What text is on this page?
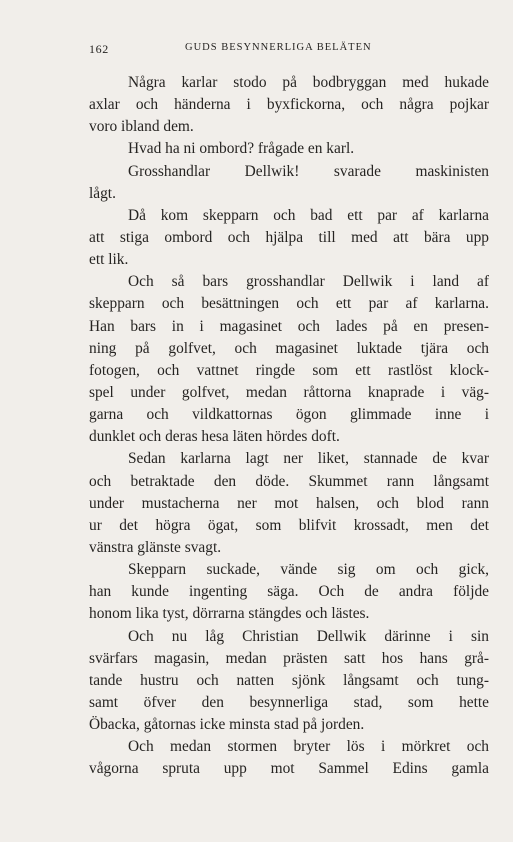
162	GUDS BESYNNERLIGA BELÄTEN
Några karlar stodo på bodbryggan med hukade
axlar och händerna i byxfickorna, och några pojkar
voro ibland dem.
Hvad ha ni ombord? frågade en karl.
Grosshandlar Dellwik! svarade maskinisten
lågt.
Då kom skepparn och bad ett par af karlarna
att stiga ombord och hjälpa till med att bära upp
ett lik.
Och så bars grosshandlar Dellwik i land af
skepparn och besättningen och ett par af karlarna.
Han bars in i magasinet och lades på en presen-
ning på golfvet, och magasinet luktade tjära och
fotogen, och vattnet ringde som ett rastlöst klock-
spel under golfvet, medan råttorna knaprade i väg-
garna och vildkattornas ögon glimmade inne i
dunklet och deras hesa läten hördes doft.
Sedan karlarna lagt ner liket, stannade de kvar
och betraktade den döde. Skummet rann långsamt
under mustacherna ner mot halsen, och blod rann
ur det högra ögat, som blifvit krossadt, men det
vänstra glänste svagt.
Skepparn suckade, vände sig om och gick,
han kunde ingenting säga. Och de andra följde
honom lika tyst, dörrarna stängdes och lästes.
Och nu låg Christian Dellwik därinne i sin
svärfars magasin, medan prästen satt hos hans grå-
tande hustru och natten sjönk långsamt och tung-
samt öfver den besynnerliga stad, som hette
Öbacka, gåtornas icke minsta stad på jorden.
Och medan stormen bryter lös i mörkret och
vågorna spruta upp mot Sammel Edins gamla
